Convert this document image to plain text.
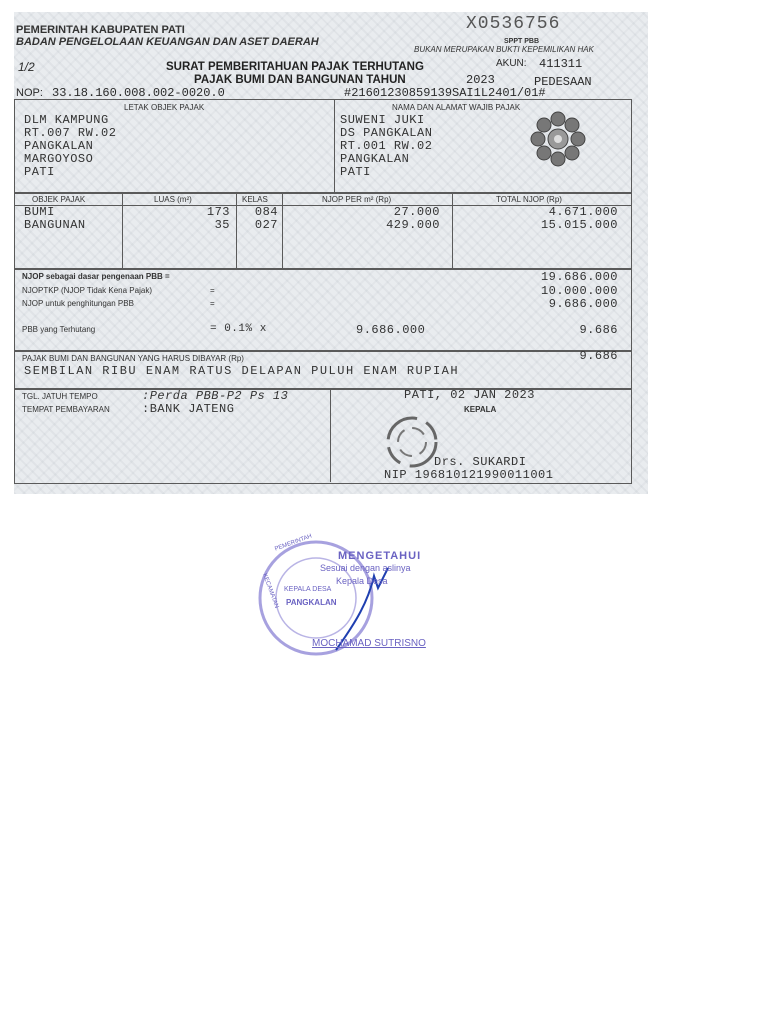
PEMERINTAH KABUPATEN PATI
BADAN PENGELOLAAN KEUANGAN DAN ASET DAERAH
X0536756
SPPT PBB
BUKAN MERUPAKAN BUKTI KEPEMILIKAN HAK
1/2	SURAT PEMBERITAHUAN PAJAK TERHUTANG
PAJAK BUMI DAN BANGUNAN TAHUN	2023
AKUN: 411311
PEDESAAN
NOP: 33.18.160.008.002-0020.0	#21601230859139SAI1L2401/01#
LETAK OBJEK PAJAK	NAMA DAN ALAMAT WAJIB PAJAK
DLM KAMPUNG
RT.007 RW.02
PANGKALAN
MARGOYOSO
PATI
SUWENI JUKI
DS PANGKALAN
RT.001 RW.02
PANGKALAN
PATI
OBJEK PAJAK	LUAS (m²)	KELAS	NJOP PER m² (Rp)	TOTAL NJOP (Rp)
BUMI	173	084	27.000	4.671.000
BANGUNAN	35	027	429.000	15.015.000
NJOP sebagai dasar pengenaan PBB =	19.686.000
NJOPTKP (NJOP Tidak Kena Pajak)	=	10.000.000
NJOP untuk penghitungan PBB	=	9.686.000
PBB yang Terhutang	= 0.1% x	9.686.000	9.686
PAJAK BUMI DAN BANGUNAN YANG HARUS DIBAYAR (Rp)	9.686
SEMBILAN RIBU ENAM RATUS DELAPAN PULUH ENAM RUPIAH
TGL. JATUH TEMPO	:Perda PBB-P2 Ps 13
TEMPAT PEMBAYARAN	:BANK JATENG
PATI, 02 JAN 2023
KEPALA
Drs. SUKARDI
NIP 196810121990011001
PEMERINTAH
KECAMATAN KEPALA DESA
PANGKALAN
MENGETAHUI
Sesuai dengan aslinya
Kepala Desa
MOCHAMAD SUTRISNO
